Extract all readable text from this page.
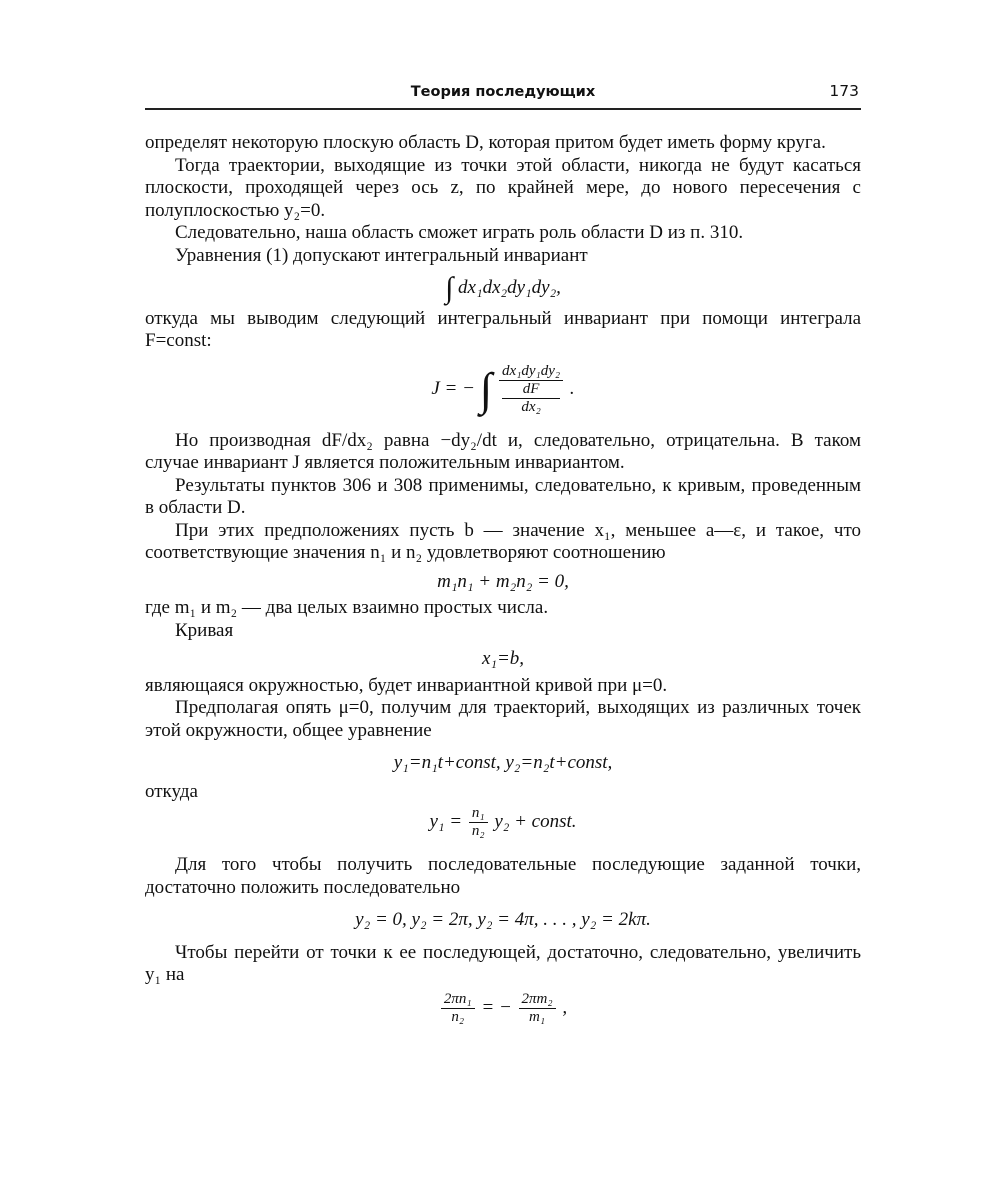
Теория последующих	173

определят некоторую плоскую область D, которая притом будет иметь форму круга.

Тогда траектории, выходящие из точки этой области, никогда не будут касаться плоскости, проходящей через ось z, по крайней мере, до нового пересечения с полуплоскостью y₂=0.

Следовательно, наша область сможет играть роль области D из п. 310.

Уравнения (1) допускают интегральный инвариант

∫ dx₁dx₂dy₁dy₂,

откуда мы выводим следующий интегральный инвариант при помощи интеграла F=const:

J = − ∫ dx₁dy₁dy₂
dF
dx₂ .

Но производная dF/dx₂ равна −dy₂/dt и, следовательно, отрицательна. В таком случае инвариант J является положительным инвариантом.

Результаты пунктов 306 и 308 применимы, следовательно, к кривым, проведенным в области D.

При этих предположениях пусть b — значение x₁, меньшее a—ε, и такое, что соответствующие значения n₁ и n₂ удовлетворяют соотношению

m₁n₁ + m₂n₂ = 0,

где m₁ и m₂ — два целых взаимно простых числа.

Кривая

x₁=b,

являющаяся окружностью, будет инвариантной кривой при μ=0.

Предполагая опять μ=0, получим для траекторий, выходящих из различных точек этой окружности, общее уравнение

y₁=n₁t+const, y₂=n₂t+const,

откуда

$y_1 = \frac{\text{n₁}}{\text{n₂}} y_2$ + const.

Для того чтобы получить последовательные последующие заданной точки, достаточно положить последовательно

y₂ = 0, y₂ = 2π, y₂ = 4π, . . . , y₂ = 2kπ.

Чтобы перейти от точки к ее последующей, достаточно, следовательно, увеличить y₁ на

$\frac{\text{2πn₁}}{\text{n₂}}$ = − $\frac{\text{2πm₂}}{\text{m₁}}$ ,
